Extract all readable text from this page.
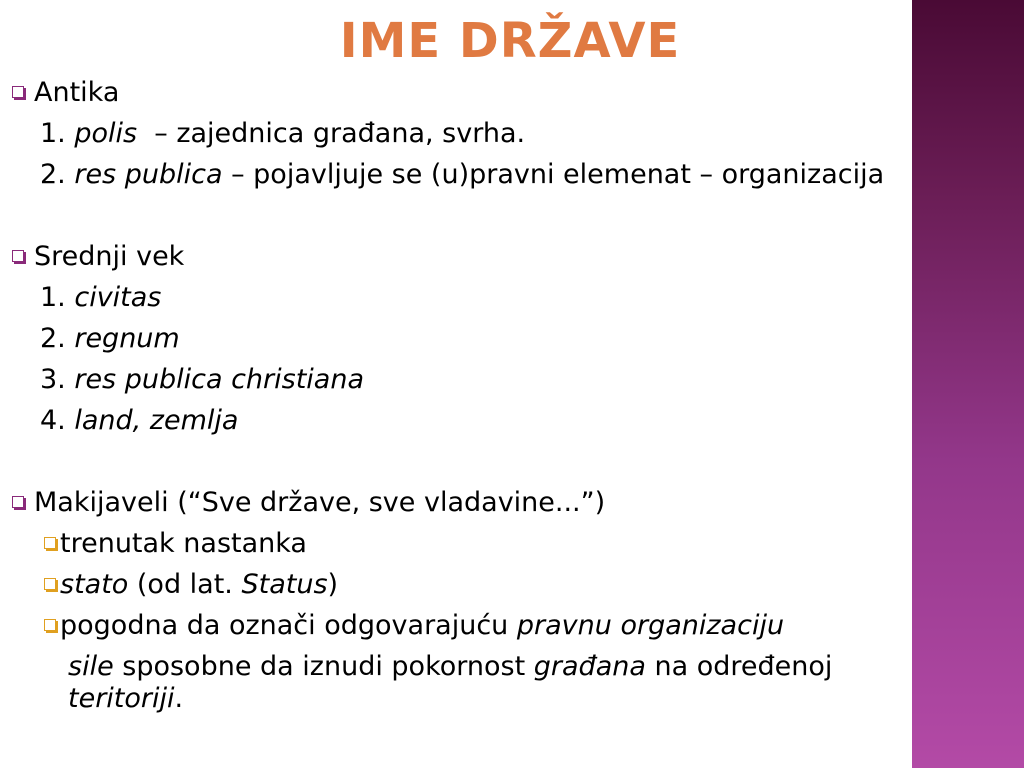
IME DRŽAVE
Antika
1. polis  – zajednica građana, svrha.
2. res publica – pojavljuje se (u)pravni elemenat – organizacija
Srednji vek
1. civitas
2. regnum
3. res publica christiana
4. land, zemlja
Makijaveli (“Sve države, sve vladavine...”)
trenutak nastanka
stato (od lat. Status)
pogodna da označi odgovarajuću pravnu organizaciju
sile sposobne da iznudi pokornost građana na određenoj
teritoriji.
